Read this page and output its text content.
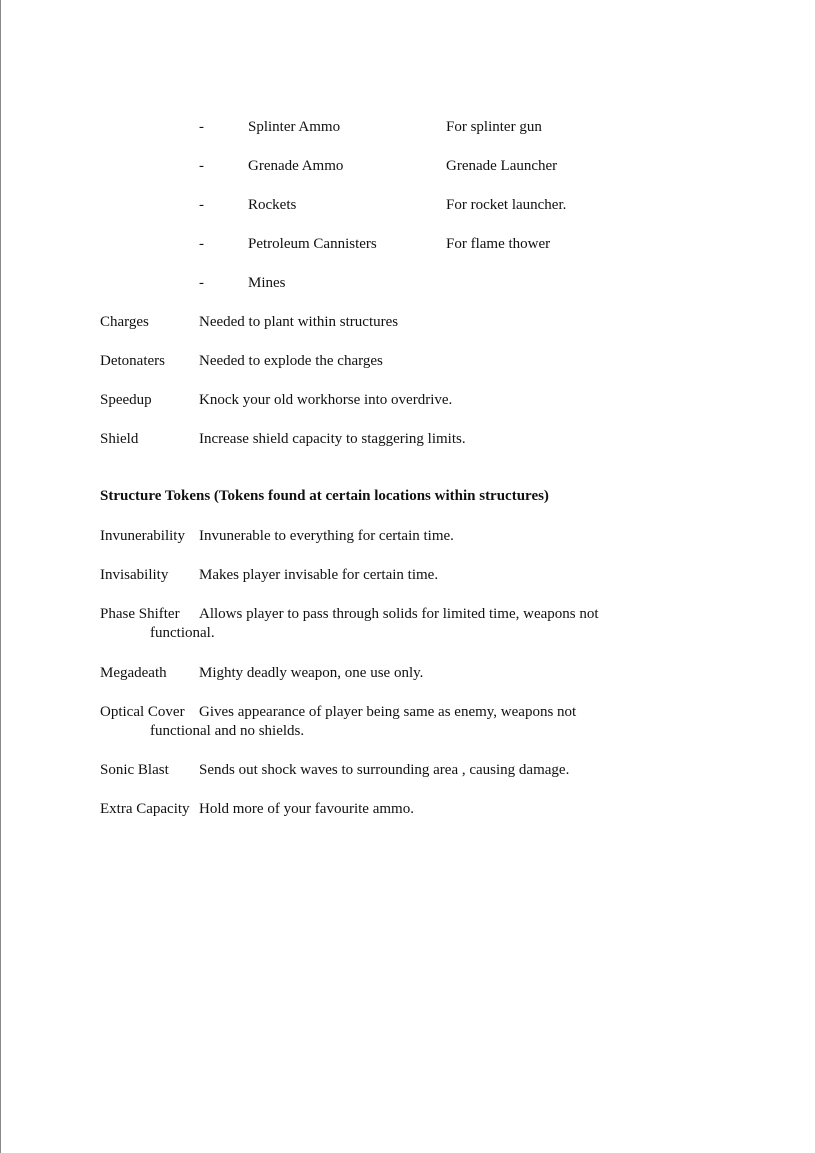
-	Splinter Ammo	For splinter gun
-	Grenade Ammo	Grenade Launcher
-	Rockets	For rocket launcher.
-	Petroleum Cannisters	For flame thower
-	Mines
Charges	Needed to plant within structures
Detonaters Needed to explode the charges
Speedup	Knock your old workhorse into overdrive.
Shield	Increase shield capacity to staggering limits.
Structure Tokens (Tokens found at certain locations within structures)
Invunerability Invunerable to everything for certain time.
Invisability Makes player invisable for certain time.
Phase Shifter Allows player to pass through solids for limited time, weapons not
functional.
Megadeath Mighty deadly weapon, one use only.
Optical Cover Gives appearance of player being same as enemy, weapons not
functional and no shields.
Sonic Blast Sends out shock waves to surrounding area , causing damage.
Extra Capacity Hold more of your favourite ammo.
